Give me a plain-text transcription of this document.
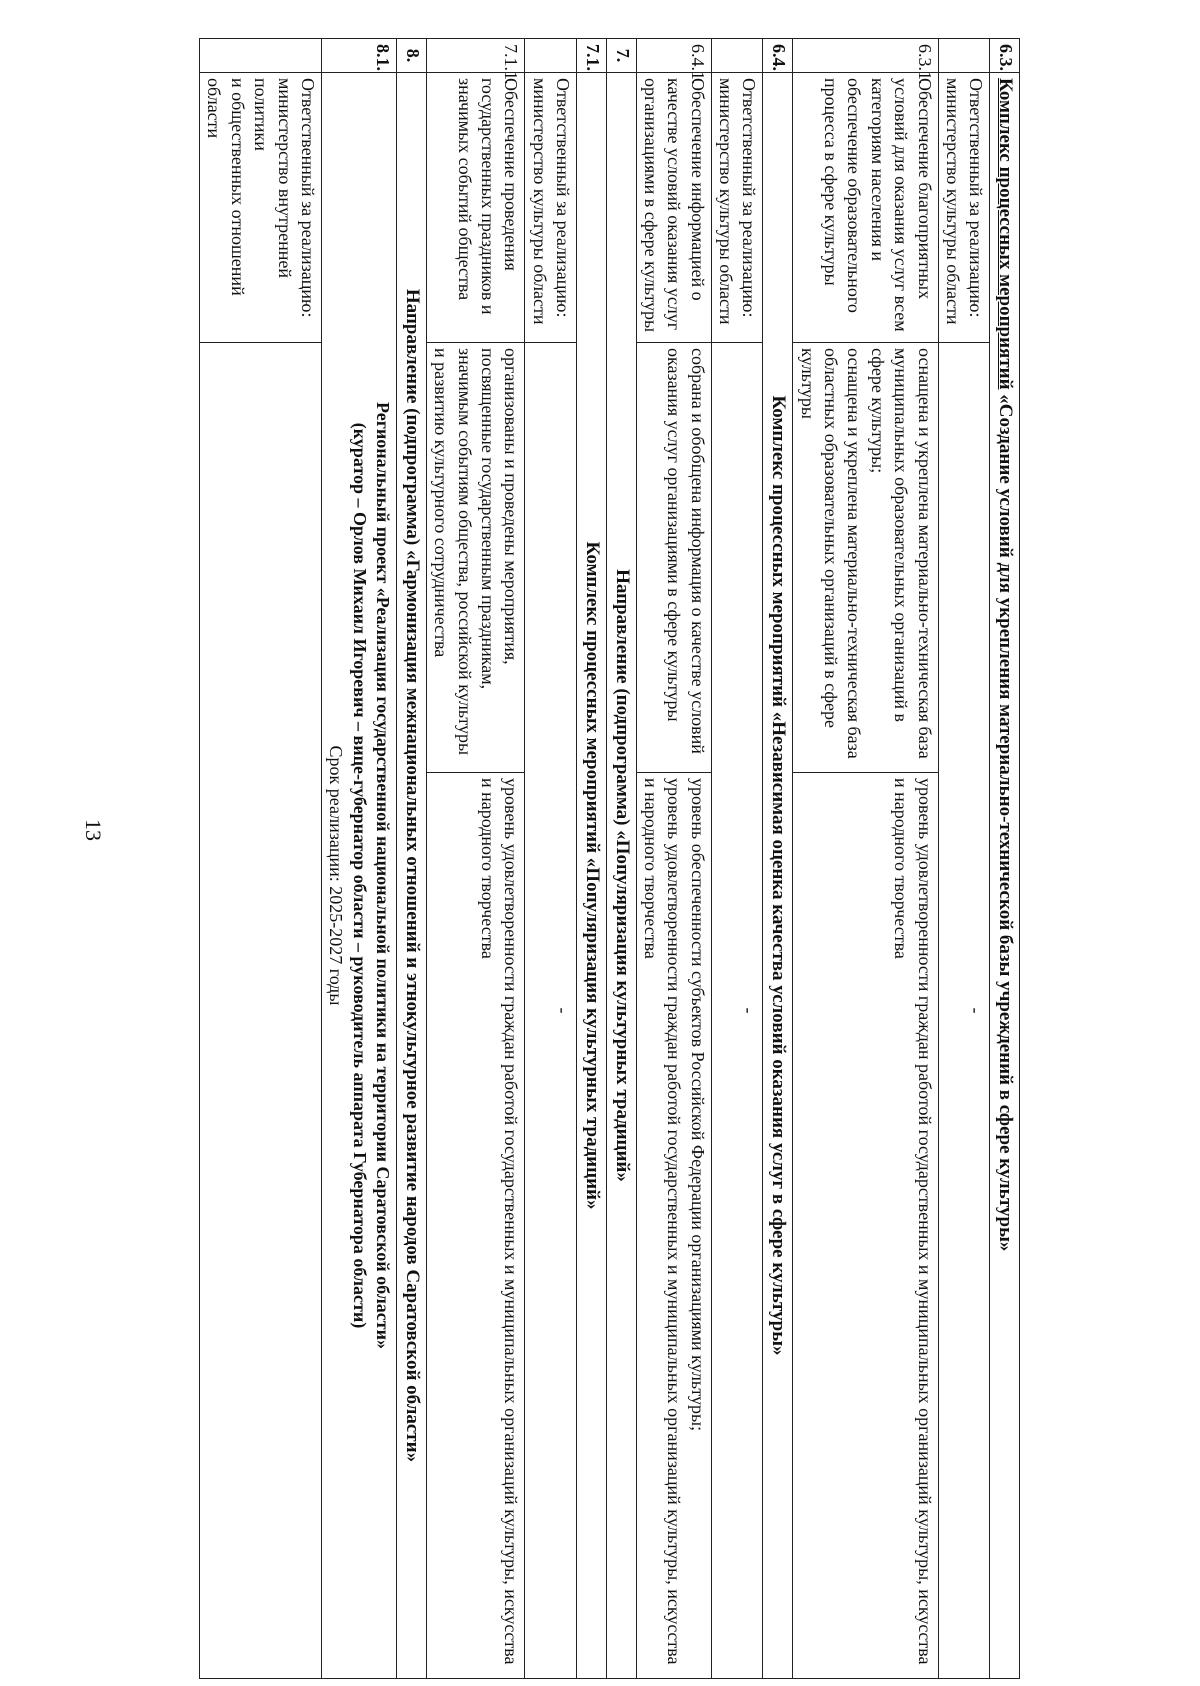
13
6.3.	Комплекс процессных мероприятий «Создание условий для укрепления материально-технической базы учреждений в сфере культуры»		

	Ответственный за реализацию:
министерство культуры области	-	
6.3.1.	Обеспечение благоприятных условий для оказания услуг всем категориям населения и обеспечение образовательного процесса в сфере культуры	оснащена и укреплена материально-техническая база муниципальных образовательных организаций в сфере культуры;
оснащена и укреплена материально-техническая база областных образовательных организаций в сфере культуры	уровень удовлетворенности граждан работой государственных и муниципальных организаций культуры, искусства и народного творчества
6.4.	Комплекс процессных мероприятий «Независимая оценка качества условий оказания услуг в сфере культуры»		

	Ответственный за реализацию:
министерство культуры области	-	
6.4.1.	Обеспечение информацией о качестве условий оказания услуг организациями в сфере культуры	собрана и обобщена информация о качестве условий оказания услуг организациями в сфере культуры	уровень обеспеченности субъектов Российской Федерации организациями культуры;
уровень удовлетворенности граждан работой государственных и муниципальных организаций культуры, искусства и народного творчества

7.	Направление (подпрограмма) «Популяризация культурных традиций»		
7.1.	Комплекс процессных мероприятий «Популяризация культурных традиций»		

	Ответственный за реализацию:
министерство культуры области	-	
7.1.1.	Обеспечение проведения государственных праздников и значимых событий общества	организованы и проведены мероприятия, посвященные государственным праздникам, значимым событиям общества, российской культуры и развитию культурного сотрудничества	уровень удовлетворенности граждан работой государственных и муниципальных организаций культуры, искусства и народного творчества
8.	Направление (подпрограмма) «Гармонизация межнациональных отношений и этнокультурное развитие народов Саратовской области»		
8.1.	Региональный проект «Реализация государственной национальной политики на территории Саратовской области»
(куратор – Орлов Михаил Игоревич – вице-губернатор области – руководитель аппарата Губернатора области)
Срок реализации: 2025-2027 годы		

	Ответственный за реализацию:
министерство внутренней политики
и общественных отношений области		
